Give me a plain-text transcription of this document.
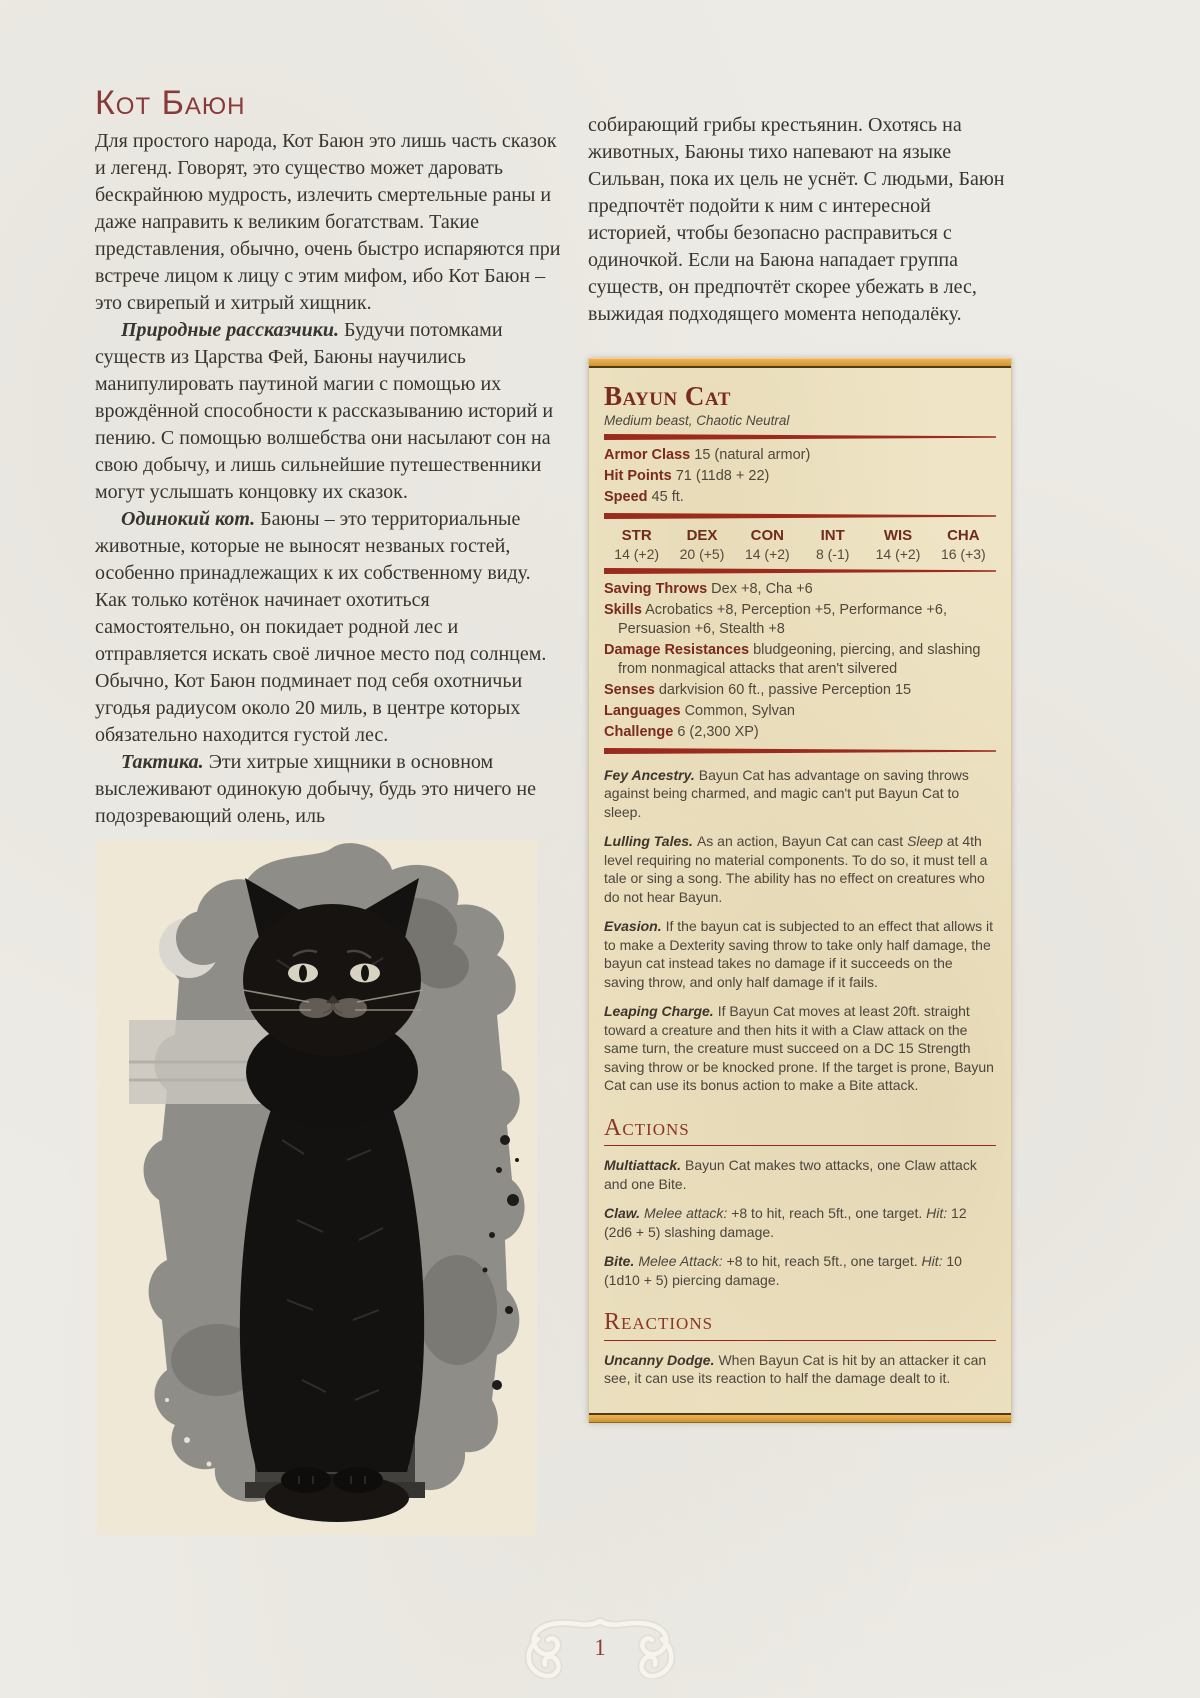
Кот Баюн

Для простого народа, Кот Баюн это лишь часть сказок и легенд. Говорят, это существо может даровать бескрайнюю мудрость, излечить смертельные раны и даже направить к великим богатствам. Такие представления, обычно, очень быстро испаряются при встрече лицом к лицу с этим мифом, ибо Кот Баюн – это свирепый и хитрый хищник.

Природные рассказчики. Будучи потомками существ из Царства Фей, Баюны научились манипулировать паутиной магии с помощью их врождённой способности к рассказыванию историй и пению. С помощью волшебства они насылают сон на свою добычу, и лишь сильнейшие путешественники могут услышать концовку их сказок.

Одинокий кот. Баюны – это территориальные животные, которые не выносят незваных гостей, особенно принадлежащих к их собственному виду. Как только котёнок начинает охотиться самостоятельно, он покидает родной лес и отправляется искать своё личное место под солнцем. Обычно, Кот Баюн подминает под себя охотничьи угодья радиусом около 20 миль, в центре которых обязательно находится густой лес.

Тактика. Эти хитрые хищники в основном выслеживают одинокую добычу, будь это ничего не подозревающий олень, иль

собирающий грибы крестьянин. Охотясь на животных, Баюны тихо напевают на языке Сильван, пока их цель не уснёт. С людьми, Баюн предпочтёт подойти к ним с интересной историей, чтобы безопасно расправиться с одиночкой. Если на Баюна нападает группа существ, он предпочтёт скорее убежать в лес, выжидая подходящего момента неподалёку.

Bayun Cat

Medium beast, Chaotic Neutral

Armor Class 15 (natural armor)

Hit Points 71 (11d8 + 22)

Speed 45 ft.

STR
14 (+2)
DEX
20 (+5)
CON
14 (+2)
INT
8 (-1)
WIS
14 (+2)
CHA
16 (+3)

Saving Throws Dex +8, Cha +6

Skills Acrobatics +8, Perception +5, Performance +6, Persuasion +6, Stealth +8

Damage Resistances bludgeoning, piercing, and slashing from nonmagical attacks that aren't silvered

Senses darkvision 60 ft., passive Perception 15

Languages Common, Sylvan

Challenge 6 (2,300 XP)

Fey Ancestry. Bayun Cat has advantage on saving throws against being charmed, and magic can't put Bayun Cat to sleep.

Lulling Tales. As an action, Bayun Cat can cast Sleep at 4th level requiring no material components. To do so, it must tell a tale or sing a song. The ability has no effect on creatures who do not hear Bayun.

Evasion. If the bayun cat is subjected to an effect that allows it to make a Dexterity saving throw to take only half damage, the bayun cat instead takes no damage if it succeeds on the saving throw, and only half damage if it fails.

Leaping Charge. If Bayun Cat moves at least 20ft. straight toward a creature and then hits it with a Claw attack on the same turn, the creature must succeed on a DC 15 Strength saving throw or be knocked prone. If the target is prone, Bayun Cat can use its bonus action to make a Bite attack.

Actions

Multiattack. Bayun Cat makes two attacks, one Claw attack and one Bite.

Claw. Melee attack: +8 to hit, reach 5ft., one target. Hit: 12 (2d6 + 5) slashing damage.

Bite. Melee Attack: +8 to hit, reach 5ft., one target. Hit: 10 (1d10 + 5) piercing damage.

Reactions

Uncanny Dodge. When Bayun Cat is hit by an attacker it can see, it can use its reaction to half the damage dealt to it.

1
